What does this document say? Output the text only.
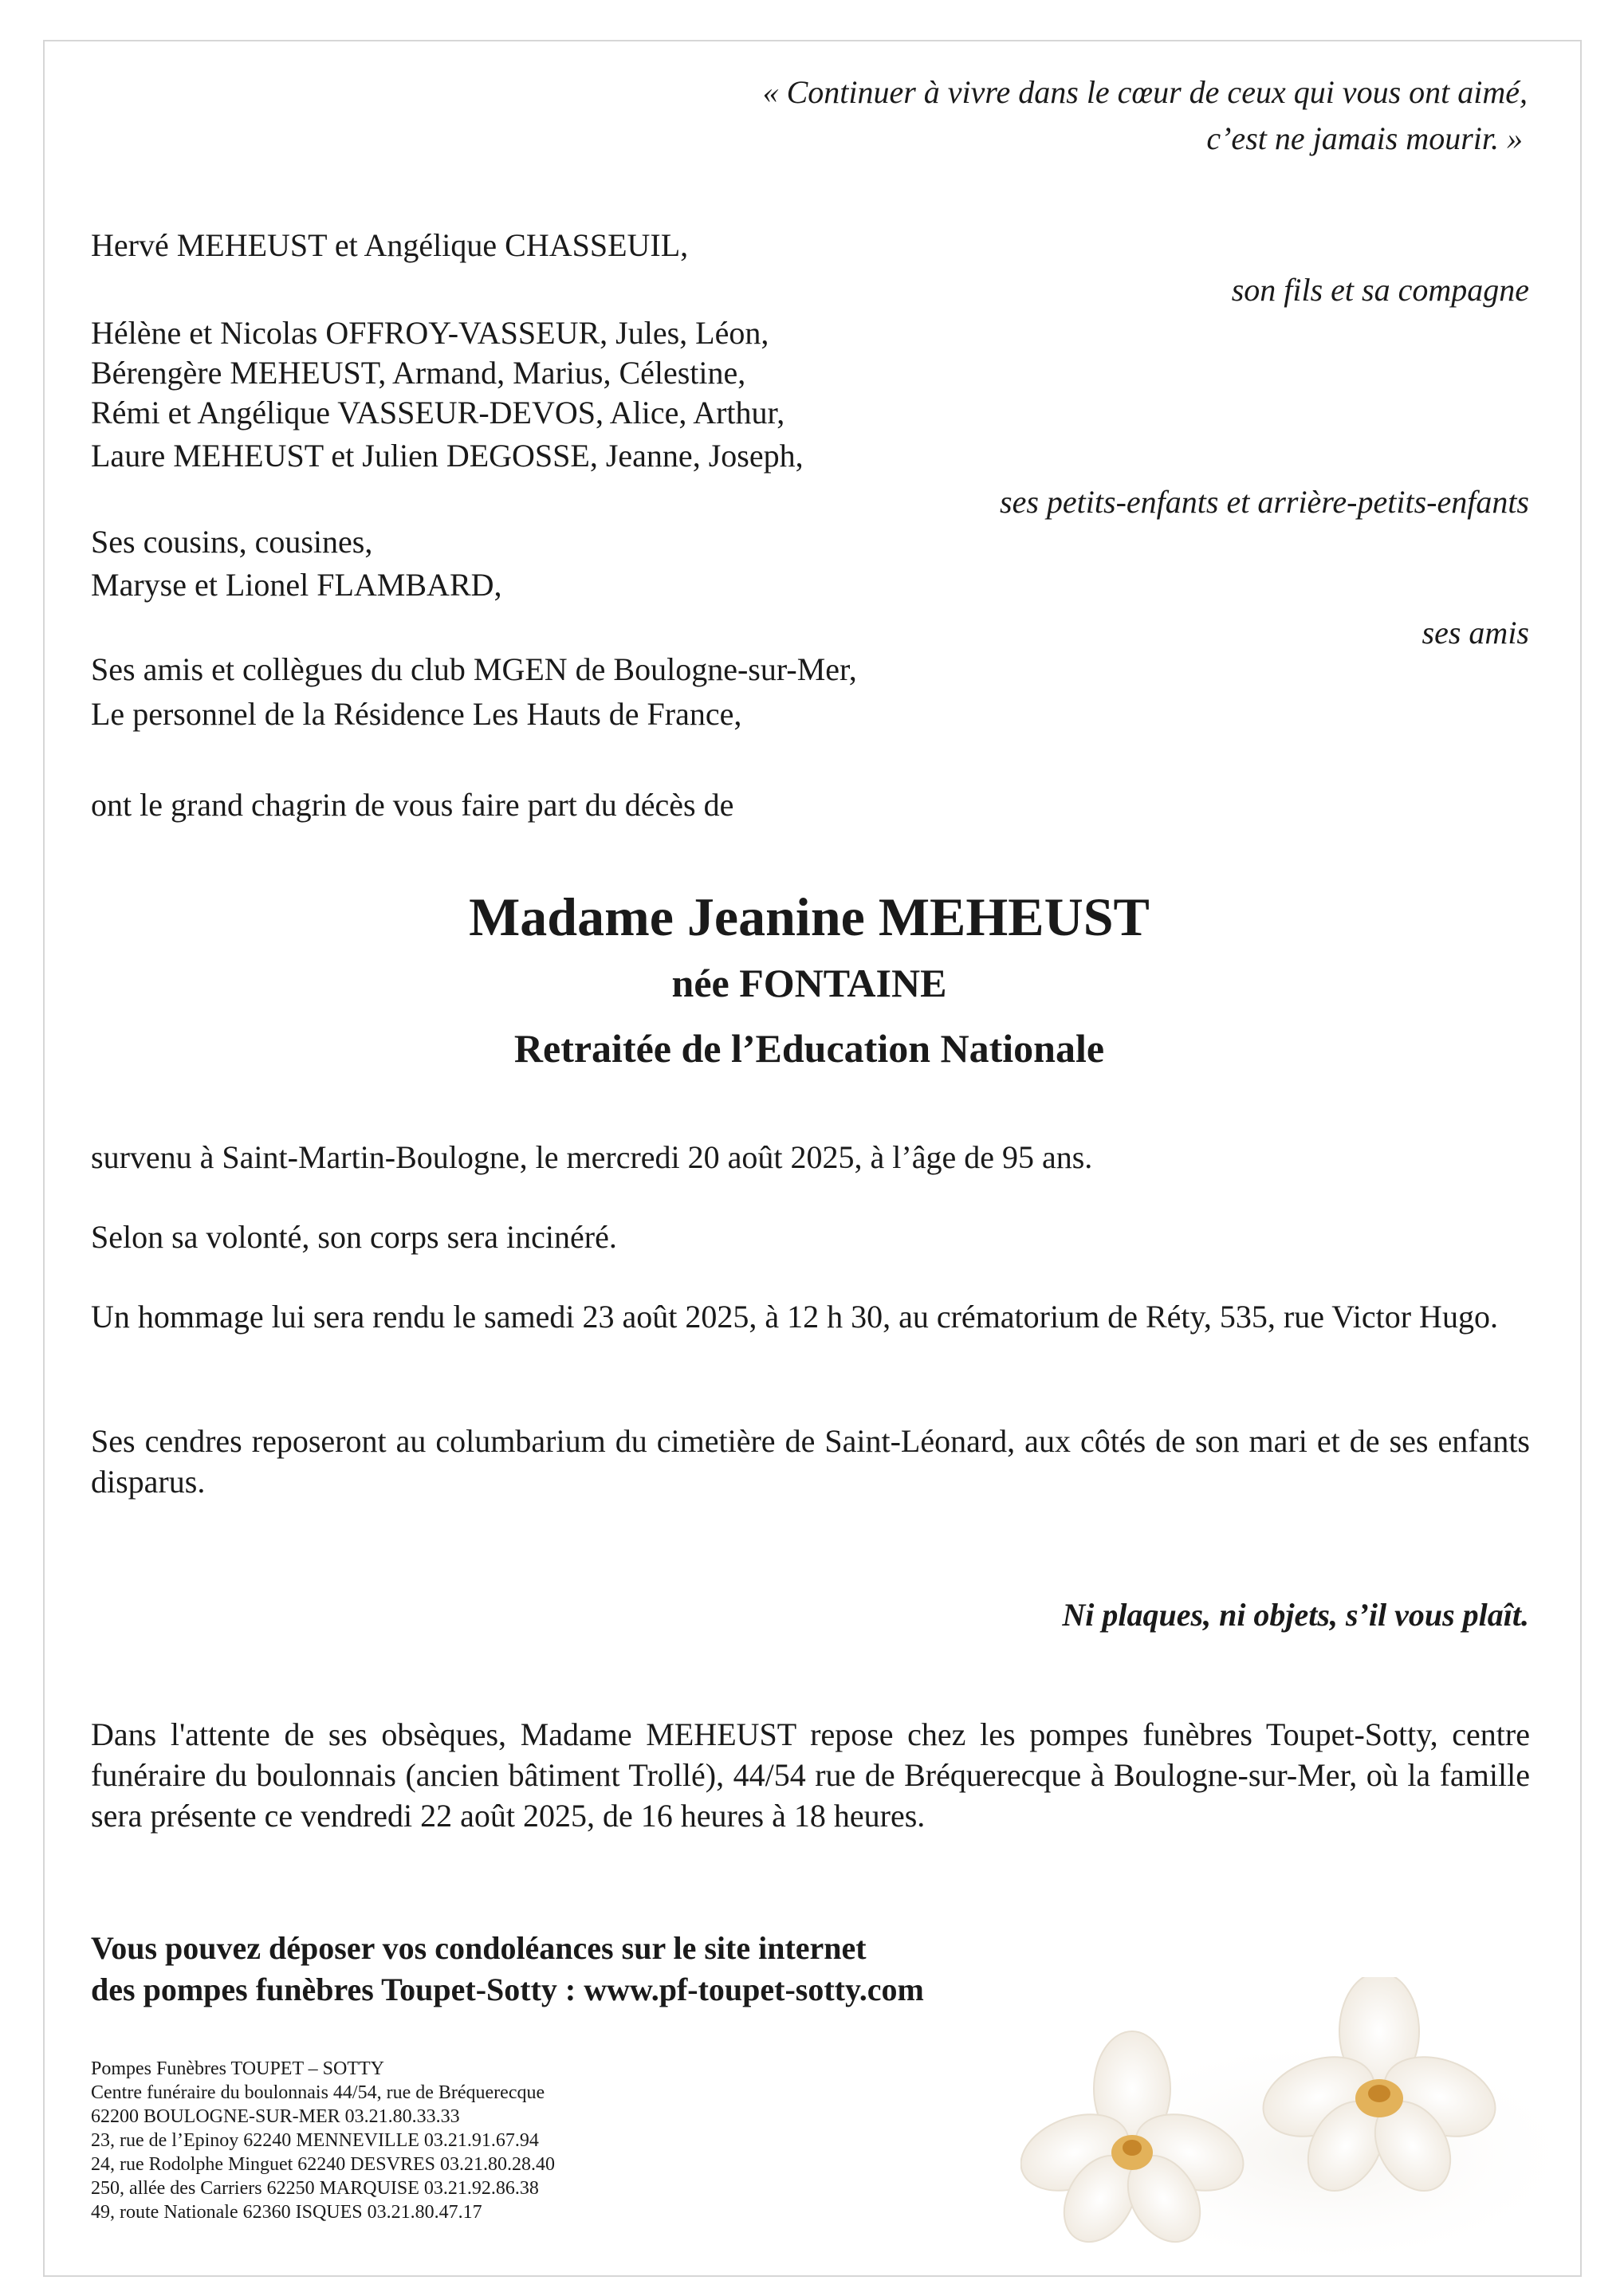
« Continuer à vivre dans le cœur de ceux qui vous ont aimé,

c’est ne jamais mourir. »

Hervé MEHEUST et Angélique CHASSEUIL,

son fils et sa compagne

Hélène et Nicolas OFFROY-VASSEUR, Jules, Léon,

Bérengère MEHEUST, Armand, Marius, Célestine,

Rémi et Angélique VASSEUR-DEVOS, Alice, Arthur,

Laure MEHEUST et Julien DEGOSSE, Jeanne, Joseph,

ses petits-enfants et arrière-petits-enfants

Ses cousins, cousines,

Maryse et Lionel FLAMBARD,

ses amis

Ses amis et collègues du club MGEN de Boulogne-sur-Mer,

Le personnel de la Résidence Les Hauts de France,

ont le grand chagrin de vous faire part du décès de

Madame Jeanine MEHEUST

née FONTAINE

Retraitée de l’Education Nationale

survenu à Saint-Martin-Boulogne, le mercredi 20 août 2025, à l’âge de 95 ans.

Selon sa volonté, son corps sera incinéré.

Un hommage lui sera rendu le samedi 23 août 2025, à 12 h 30, au crématorium de Réty, 535, rue Victor Hugo.

Ses cendres reposeront au columbarium du cimetière de Saint-Léonard, aux côtés de son mari et de ses enfants disparus.

Ni plaques, ni objets, s’il vous plaît.

Dans l'attente de ses obsèques, Madame MEHEUST repose chez les pompes funèbres Toupet-Sotty, centre funéraire du boulonnais (ancien bâtiment Trollé), 44/54 rue de Bréquerecque à Boulogne-sur-Mer, où la famille sera présente ce vendredi 22 août 2025, de 16 heures à 18 heures.

Vous pouvez déposer vos condoléances sur le site internet

des pompes funèbres Toupet-Sotty : www.pf-toupet-sotty.com

Pompes Funèbres TOUPET – SOTTY
Centre funéraire du boulonnais 44/54, rue de Bréquerecque
62200 BOULOGNE-SUR-MER 03.21.80.33.33
23, rue de l’Epinoy 62240 MENNEVILLE 03.21.91.67.94
24, rue Rodolphe Minguet 62240 DESVRES 03.21.80.28.40
250, allée des Carriers 62250 MARQUISE 03.21.92.86.38
49, route Nationale 62360 ISQUES 03.21.80.47.17
